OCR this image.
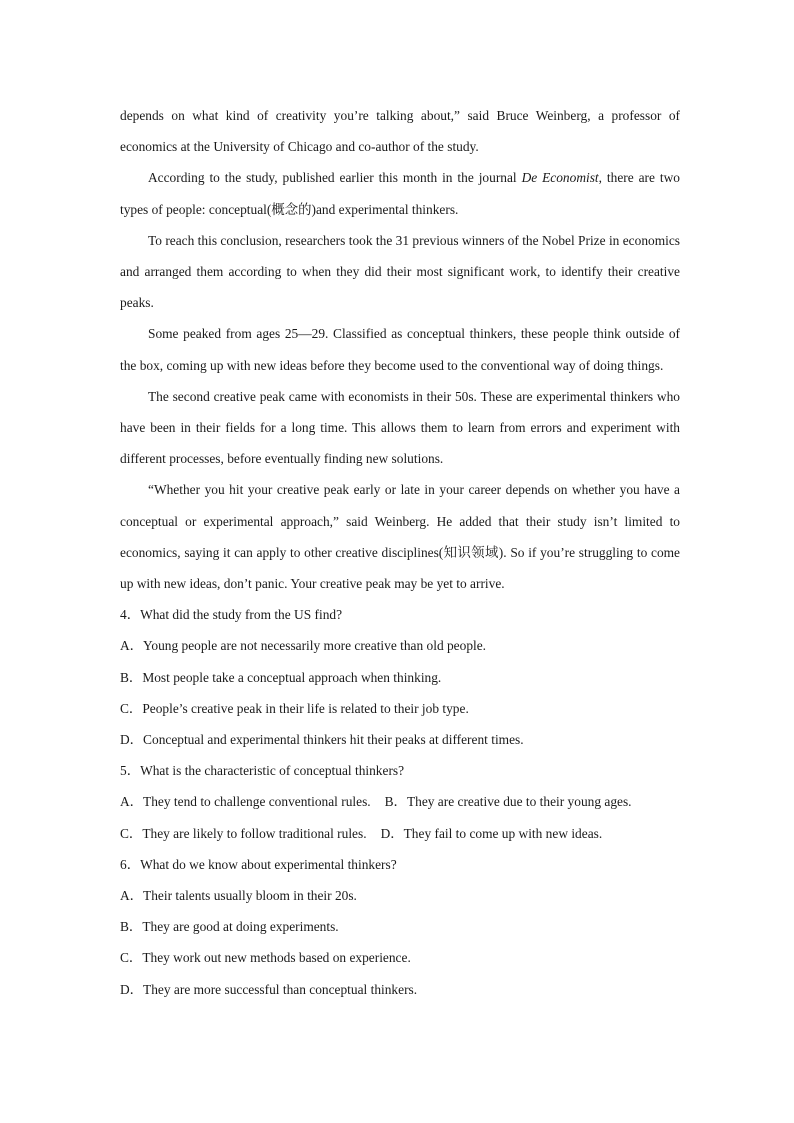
depends on what kind of creativity you’re talking about,” said Bruce Weinberg, a professor of economics at the University of Chicago and co-author of the study.

According to the study, published earlier this month in the journal De Economist, there are two types of people: conceptual(概念的)and experimental thinkers.

To reach this conclusion, researchers took the 31 previous winners of the Nobel Prize in economics and arranged them according to when they did their most significant work, to identify their creative peaks.

Some peaked from ages 25—29. Classified as conceptual thinkers, these people think outside of the box, coming up with new ideas before they become used to the conventional way of doing things.

The second creative peak came with economists in their 50s. These are experimental thinkers who have been in their fields for a long time. This allows them to learn from errors and experiment with different processes, before eventually finding new solutions.

“Whether you hit your creative peak early or late in your career depends on whether you have a conceptual or experimental approach,” said Weinberg. He added that their study isn’t limited to economics, saying it can apply to other creative disciplines(知识领域). So if you’re struggling to come up with new ideas, don’t panic. Your creative peak may be yet to arrive.

4．What did the study from the US find?

A．Young people are not necessarily more creative than old people.

B．Most people take a conceptual approach when thinking.

C．People’s creative peak in their life is related to their job type.

D．Conceptual and experimental thinkers hit their peaks at different times.

5．What is the characteristic of conceptual thinkers?

A．They tend to challenge conventional rules. B．They are creative due to their young ages.

C．They are likely to follow traditional rules. D．They fail to come up with new ideas.

6．What do we know about experimental thinkers?

A．Their talents usually bloom in their 20s.

B．They are good at doing experiments.

C．They work out new methods based on experience.

D．They are more successful than conceptual thinkers.
